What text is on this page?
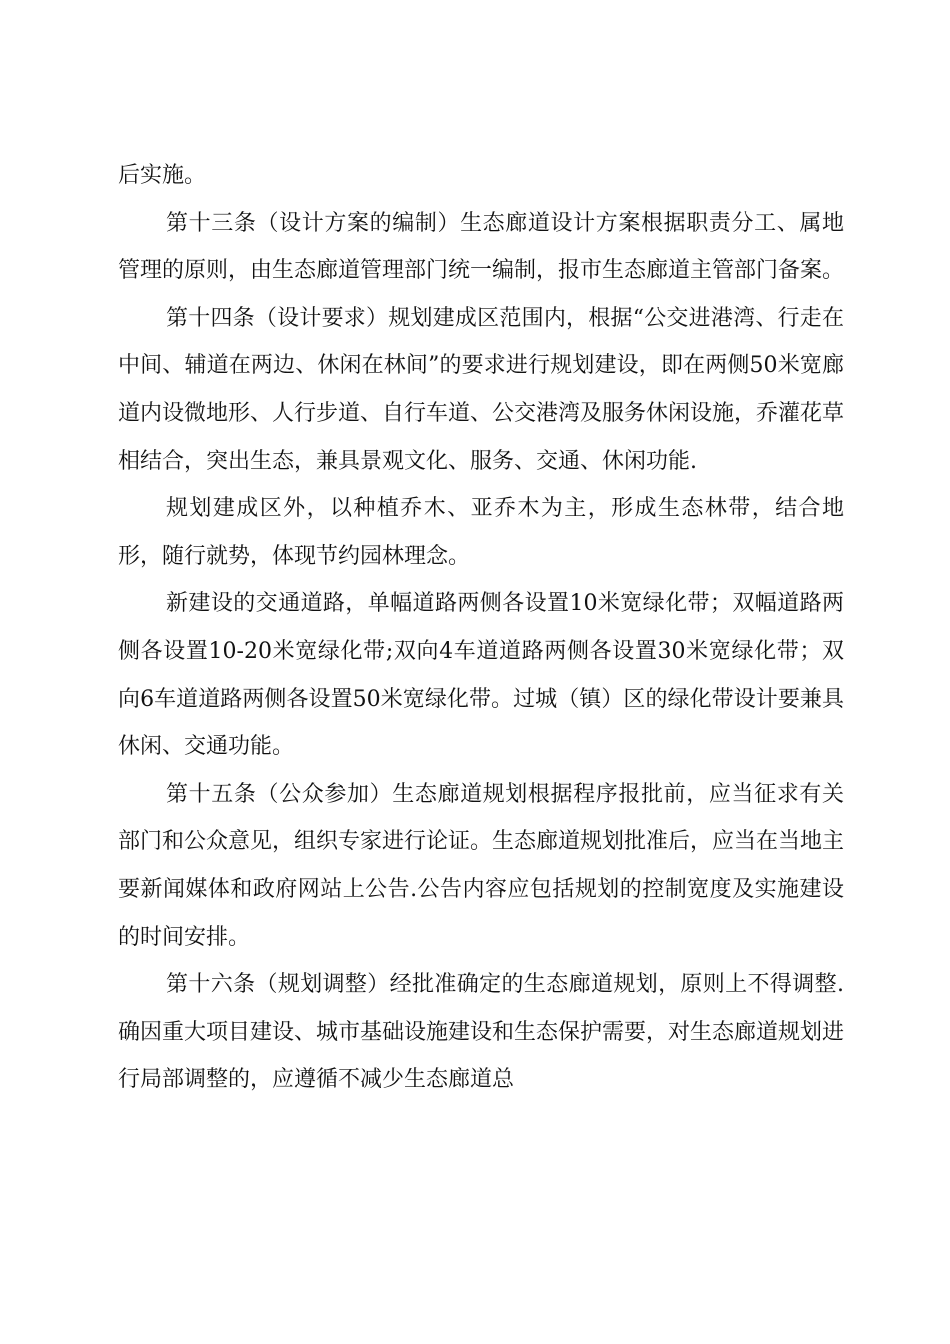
后实施。

第十三条（设计方案的编制）生态廊道设计方案根据职责分工、属地管理的原则，由生态廊道管理部门统一编制，报市生态廊道主管部门备案。

第十四条（设计要求）规划建成区范围内，根据“公交进港湾、行走在中间、辅道在两边、休闲在林间”的要求进行规划建设，即在两侧50米宽廊道内设微地形、人行步道、自行车道、公交港湾及服务休闲设施，乔灌花草相结合，突出生态，兼具景观文化、服务、交通、休闲功能.

规划建成区外，以种植乔木、亚乔木为主，形成生态林带，结合地形，随行就势，体现节约园林理念。

新建设的交通道路，单幅道路两侧各设置10米宽绿化带；双幅道路两侧各设置10-20米宽绿化带;双向4车道道路两侧各设置30米宽绿化带；双向6车道道路两侧各设置50米宽绿化带。过城（镇）区的绿化带设计要兼具休闲、交通功能。

第十五条（公众参加）生态廊道规划根据程序报批前，应当征求有关部门和公众意见，组织专家进行论证。生态廊道规划批准后，应当在当地主要新闻媒体和政府网站上公告.公告内容应包括规划的控制宽度及实施建设的时间安排。

第十六条（规划调整）经批准确定的生态廊道规划，原则上不得调整.确因重大项目建设、城市基础设施建设和生态保护需要，对生态廊道规划进行局部调整的，应遵循不减少生态廊道总
